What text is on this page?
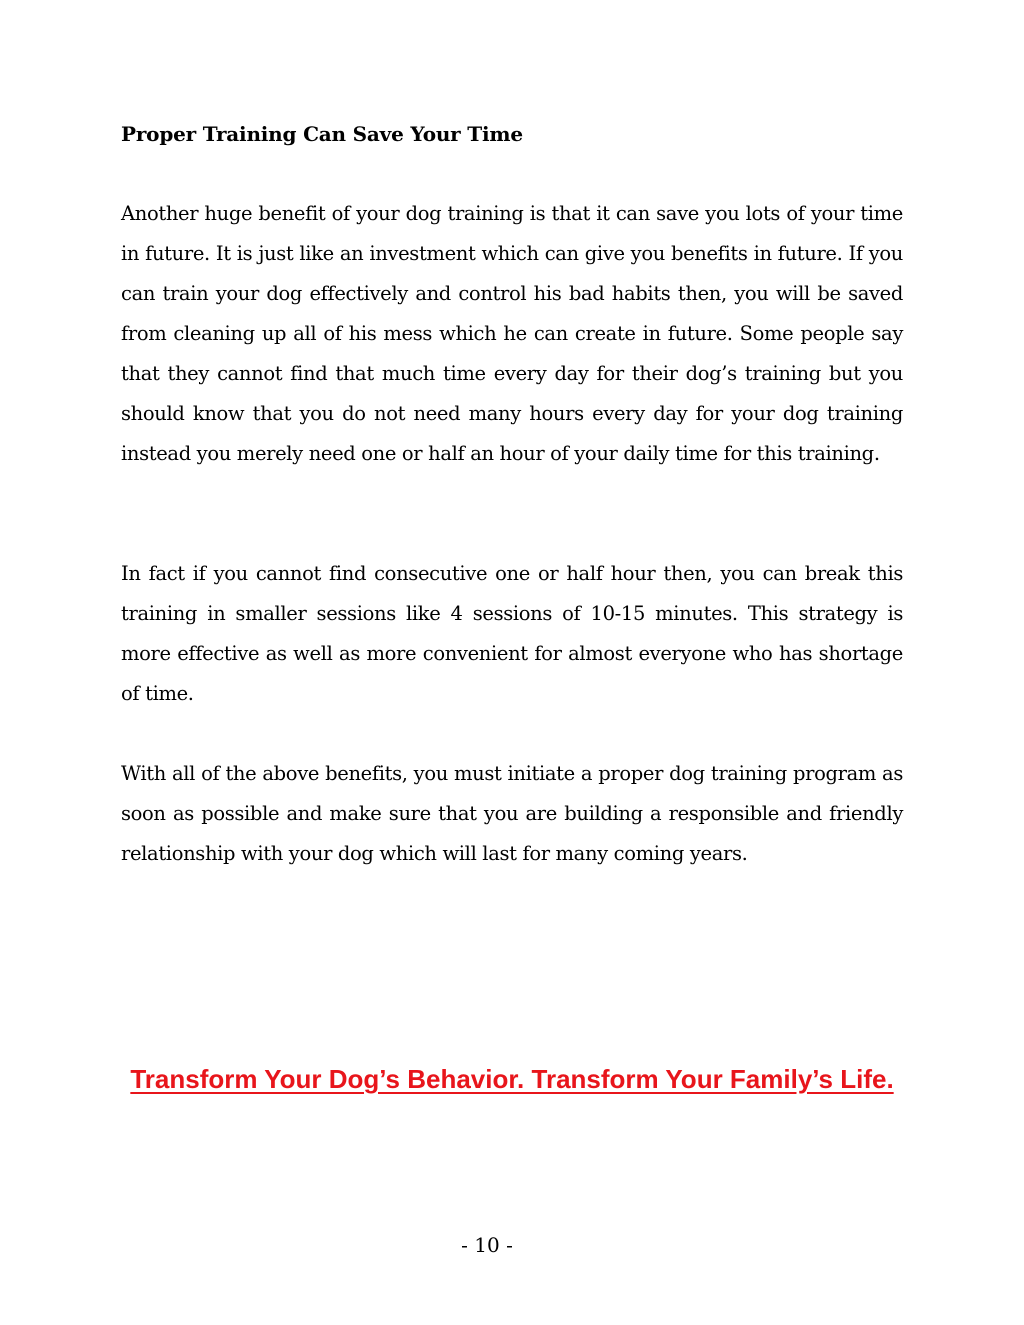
Proper Training Can Save Your Time

Another huge benefit of your dog training is that it can save you lots of your time in future. It is just like an investment which can give you benefits in future. If you can train your dog effectively and control his bad habits then, you will be saved from cleaning up all of his mess which he can create in future. Some people say that they cannot find that much time every day for their dog’s training but you should know that you do not need many hours every day for your dog training instead you merely need one or half an hour of your daily time for this training.

In fact if you cannot find consecutive one or half hour then, you can break this training in smaller sessions like 4 sessions of 10-15 minutes. This strategy is more effective as well as more convenient for almost everyone who has shortage of time.

With all of the above benefits, you must initiate a proper dog training program as soon as possible and make sure that you are building a responsible and friendly relationship with your dog which will last for many coming years.

Transform Your Dog’s Behavior. Transform Your Family’s Life.
- 10 -
